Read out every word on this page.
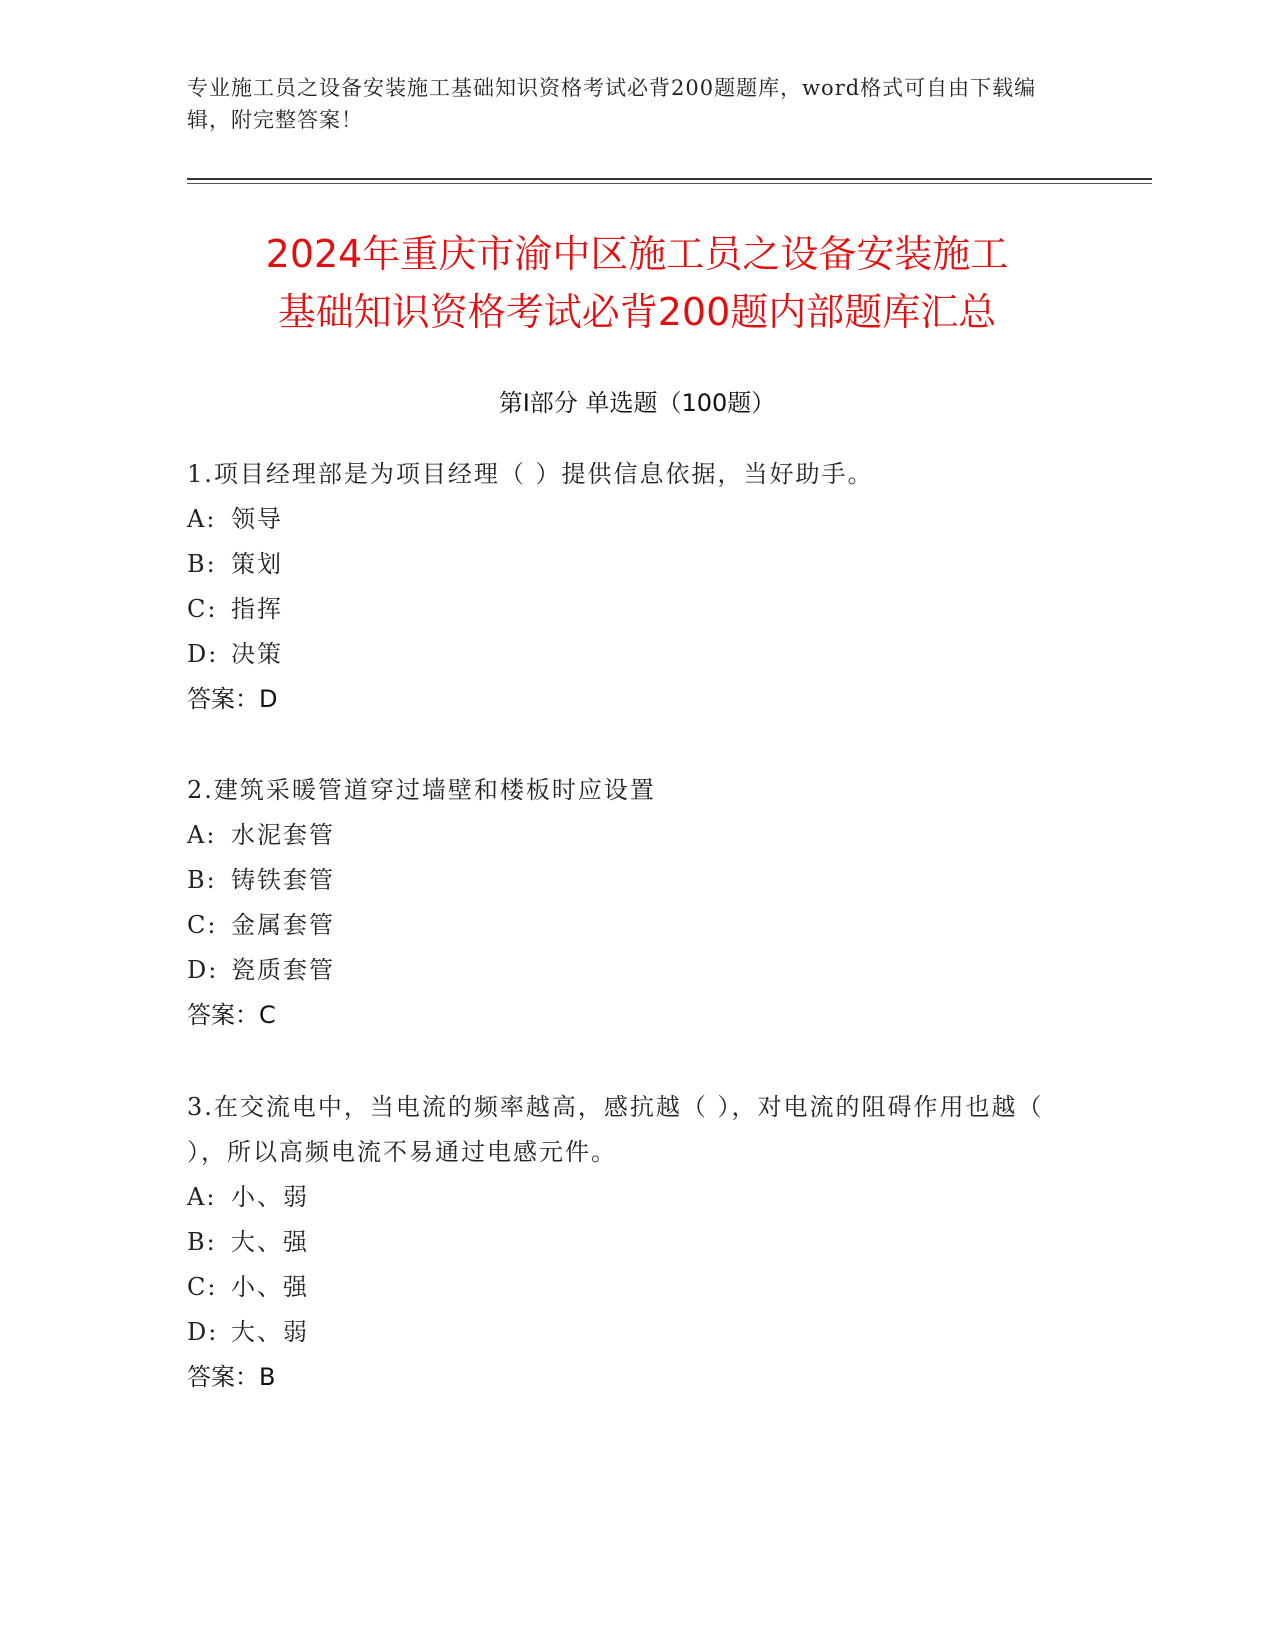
专业施工员之设备安装施工基础知识资格考试必背200题题库，word格式可自由下载编辑，附完整答案！
2024年重庆市渝中区施工员之设备安装施工
基础知识资格考试必背200题内部题库汇总
第Ⅰ部分 单选题（100题）

1.项目经理部是为项目经理（ ）提供信息依据，当好助手。

A: 领导

B: 策划

C: 指挥

D: 决策

答案：D

2.建筑采暖管道穿过墙壁和楼板时应设置

A: 水泥套管

B: 铸铁套管

C: 金属套管

D: 瓷质套管

答案：C

3.在交流电中，当电流的频率越高，感抗越（ ），对电流的阻碍作用也越（ ），所以高频电流不易通过电感元件。

A: 小、弱

B: 大、强

C: 小、强

D: 大、弱

答案：B
